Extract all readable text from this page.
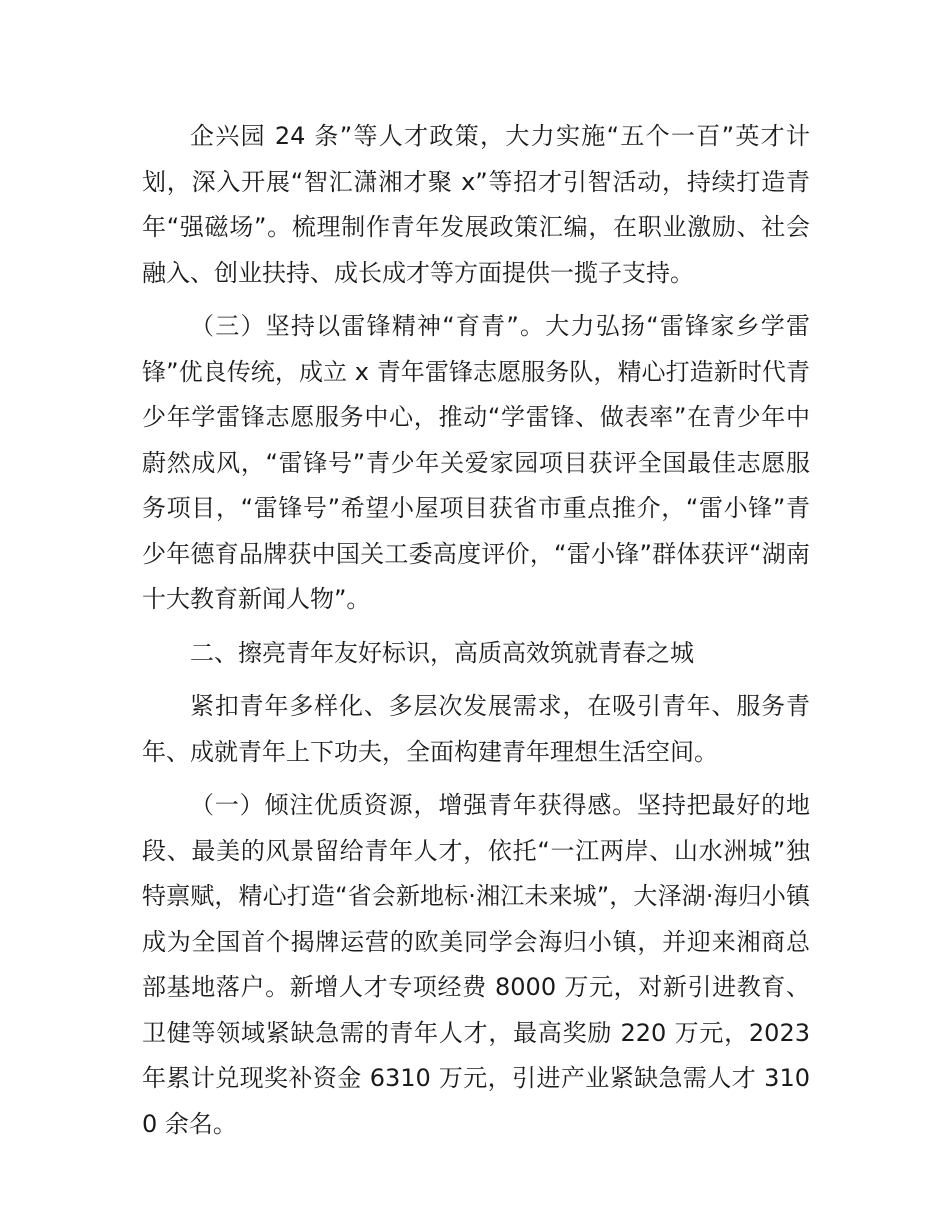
企兴园 24 条”等人才政策，大力实施“五个一百”英才计划，深入开展“智汇潇湘才聚 x”等招才引智活动，持续打造青年“强磁场”。梳理制作青年发展政策汇编，在职业激励、社会融入、创业扶持、成长成才等方面提供一揽子支持。

（三）坚持以雷锋精神“育青”。大力弘扬“雷锋家乡学雷锋”优良传统，成立 x 青年雷锋志愿服务队，精心打造新时代青少年学雷锋志愿服务中心，推动“学雷锋、做表率”在青少年中蔚然成风，“雷锋号”青少年关爱家园项目获评全国最佳志愿服务项目，“雷锋号”希望小屋项目获省市重点推介，“雷小锋”青少年德育品牌获中国关工委高度评价，“雷小锋”群体获评“湖南十大教育新闻人物”。

二、擦亮青年友好标识，高质高效筑就青春之城

紧扣青年多样化、多层次发展需求，在吸引青年、服务青年、成就青年上下功夫，全面构建青年理想生活空间。

（一）倾注优质资源，增强青年获得感。坚持把最好的地段、最美的风景留给青年人才，依托“一江两岸、山水洲城”独特禀赋，精心打造“省会新地标·湘江未来城”，大泽湖·海归小镇成为全国首个揭牌运营的欧美同学会海归小镇，并迎来湘商总部基地落户。新增人才专项经费 8000 万元，对新引进教育、卫健等领域紧缺急需的青年人才，最高奖励 220 万元，2023 年累计兑现奖补资金 6310 万元，引进产业紧缺急需人才 3100 余名。
